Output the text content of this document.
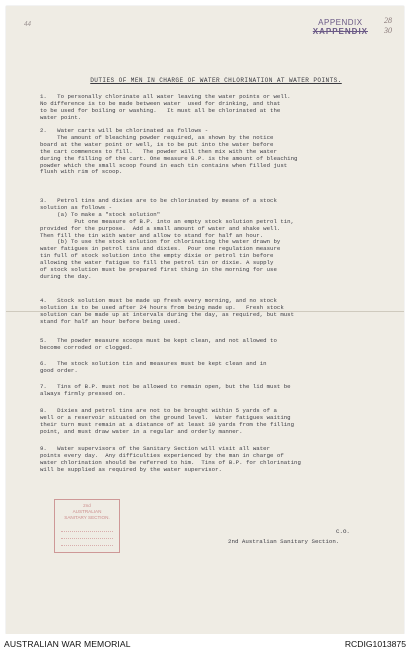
44	APPENDIX
XAPPENDIX
28
30
DUTIES OF MEN IN CHARGE OF WATER CHLORINATION AT WATER POINTS.
1.   To personally chlorinate all water leaving the water points or well.
No difference is to be made between water  used for drinking, and that
to be used for boiling or washing.   It must all be chlorinated at the
water point.
2.   Water carts will be chlorinated as follows -
The amount of bleaching powder required, as shown by the notice
board at the water point or well, is to be put into the water before
the cart commences to fill.   The powder will then mix with the water
during the filling of the cart. One measure B.P. is the amount of bleaching
powder which the small scoop found in each tin contains when filled just
flush with rim of scoop.
3.   Petrol tins and dixies are to be chlorinated by means of a stock
solution as follows -
(a) To make a "stock solution"
Put one measure of B.P. into an empty stock solution petrol tin,
provided for the purpose.  Add a small amount of water and shake well.
Then fill the tin with water and allow to stand for half an hour.
(b) To use the stock solution for chlorinating the water drawn by
water fatigues in petrol tins and dixies.  Pour one regulation measure
tin full of stock solution into the empty dixie or petrol tin before
allowing the water fatigue to fill the petrol tin or dixie. A supply
of stock solution must be prepared first thing in the morning for use
during the day.
4.   Stock solution must be made up fresh every morning, and no stock
solution is to be used after 24 hours from being made up.   Fresh stock
solution can be made up at intervals during the day, as required, but must
stand for half an hour before being used.
5.   The powder measure scoops must be kept clean, and not allowed to
become corroded or clogged.
6.   The stock solution tin and measures must be kept clean and in
good order.
7.   Tins of B.P. must not be allowed to remain open, but the lid must be
always firmly pressed on.
8.   Dixies and petrol tins are not to be brought within 5 yards of a
well or a reservoir situated on the ground level.  Water fatigues waiting
their turn must remain at a distance of at least 10 yards from the filling
point, and must draw water in a regular and orderly manner.
9.   Water supervisors of the Sanitary Section will visit all water
points every day.  Any difficulties experienced by the man in charge of
water chlorination should be referred to him.  Tins of B.P. for chlorinating
will be supplied as required by the water supervisor.
2nd
AUSTRALIAN
SANITARY SECTION.
C.O.
2nd Australian Sanitary Section.
AUSTRALIAN WAR MEMORIAL	RCDIG1013875
